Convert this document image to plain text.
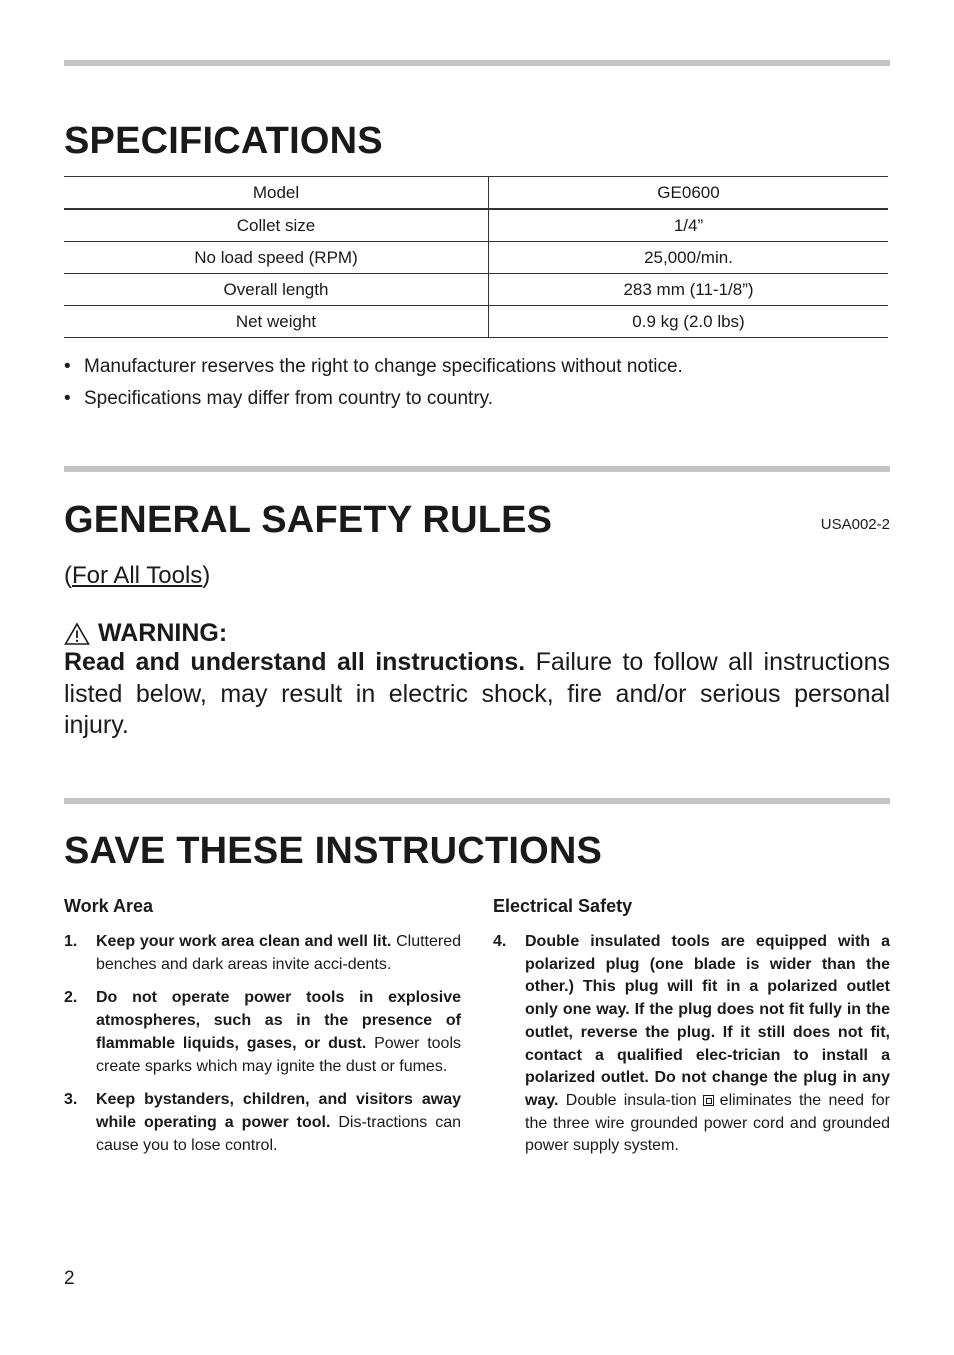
SPECIFICATIONS
Model	GE0600
Collet size	1/4”
No load speed (RPM)	25,000/min.
Overall length	283 mm (11-1/8”)
Net weight	0.9 kg (2.0 lbs)
• Manufacturer reserves the right to change specifications without notice.
• Specifications may differ from country to country.
GENERAL SAFETY RULES	USA002-2
(For All Tools)
WARNING:

Read and understand all instructions. Failure to follow all instructions listed below, may result in electric shock, fire and/or serious personal injury.

SAVE THESE INSTRUCTIONS
Work Area
1. Keep your work area clean and well lit. Cluttered benches and dark areas invite acci-dents.
2. Do not operate power tools in explosive atmospheres, such as in the presence of flammable liquids, gases, or dust. Power tools create sparks which may ignite the dust or fumes.
3. Keep bystanders, children, and visitors away while operating a power tool. Dis-tractions can cause you to lose control.
Electrical Safety
4. Double insulated tools are equipped with a polarized plug (one blade is wider than the other.) This plug will fit in a polarized outlet only one way. If the plug does not fit fully in the outlet, reverse the plug. If it still does not fit, contact a qualified elec-trician to install a polarized outlet. Do not change the plug in any way. Double insula-tion eliminates the need for the three wire grounded power cord and grounded power supply system.
2
